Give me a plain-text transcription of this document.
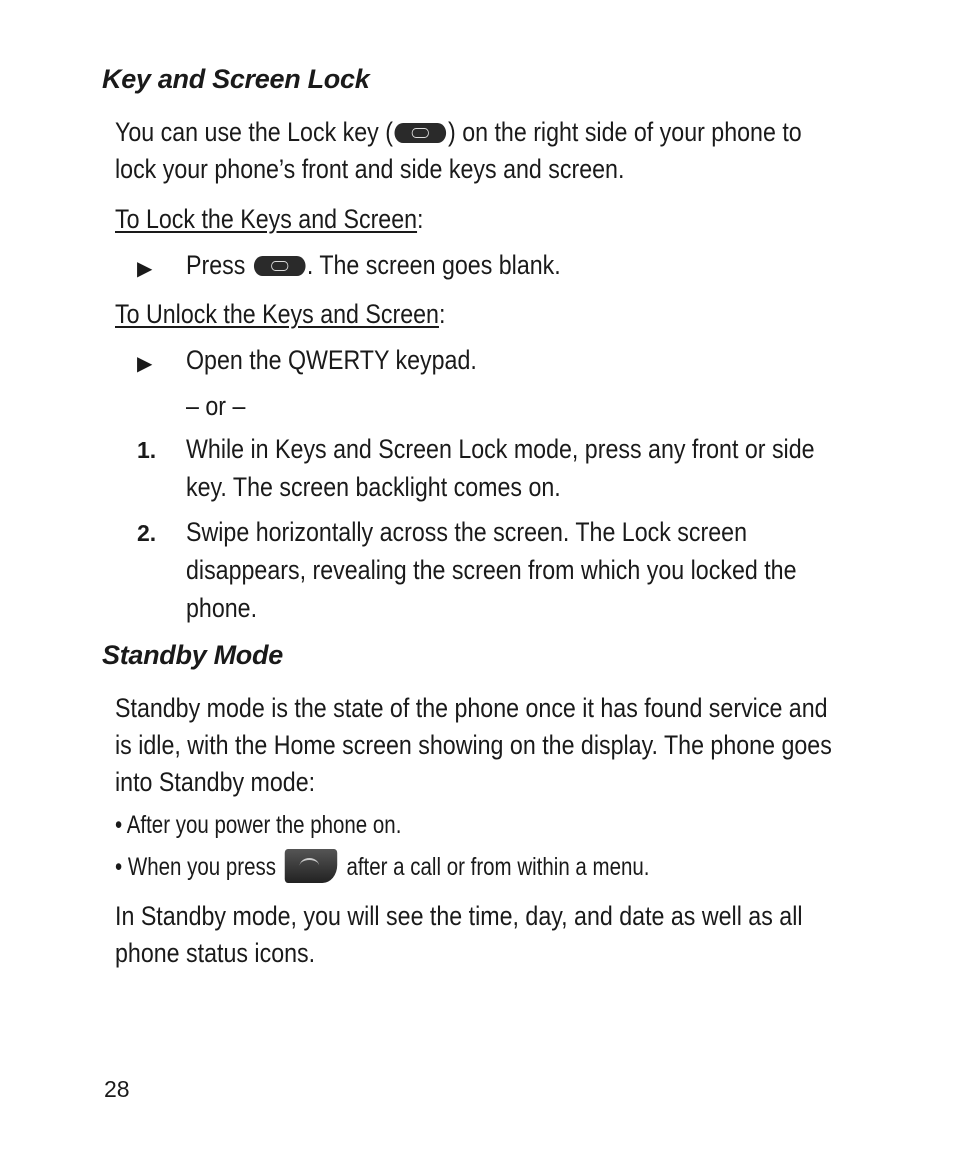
Key and Screen Lock

You can use the Lock key ( ) on the right side of your phone to

lock your phone’s front and side keys and screen.

To Lock the Keys and Screen:

▶ Press . The screen goes blank.

To Unlock the Keys and Screen:

▶ Open the QWERTY keypad.

– or –

1. While in Keys and Screen Lock mode, press any front or side

key. The screen backlight comes on.

2. Swipe horizontally across the screen. The Lock screen

disappears, revealing the screen from which you locked the

phone.

Standby Mode

Standby mode is the state of the phone once it has found service and

is idle, with the Home screen showing on the display. The phone goes

into Standby mode:

• After you power the phone on.

• When you press  after a call or from within a menu.

In Standby mode, you will see the time, day, and date as well as all

phone status icons.

28
